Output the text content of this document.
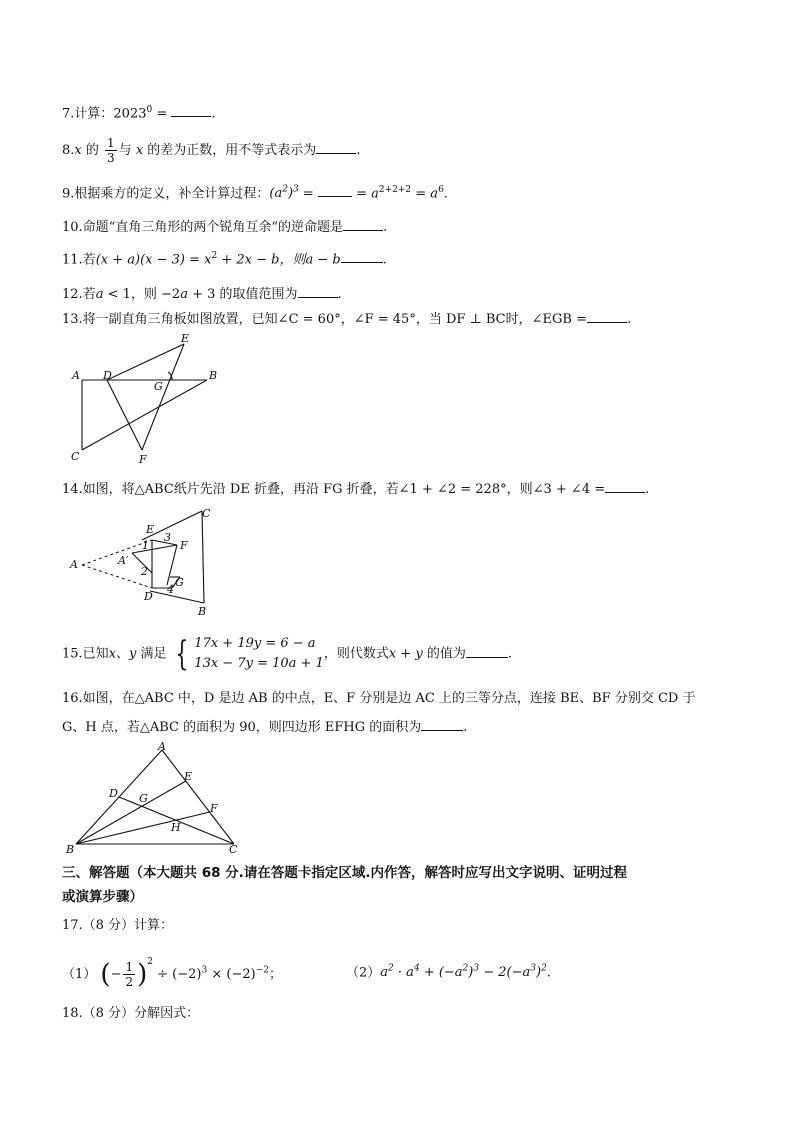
7.计算：$2023^0$ =	.
8.x 的 $\frac{1}{3}$ 与 x 的差为正数，用不等式表示为	.
9.根据乘方的定义，补全计算过程：$(a^2)^3$ =	= $a^{2+2+2} = a^6$.
10.命题“直角三角形的两个锐角互余”的逆命题是	.
11.若$(x + a)(x - 3) = x^2 + 2x - b$，则a − b	.
12.若a < 1，则 −2a + 3 的取值范围为	.
13.将一副直角三角板如图放置，已知∠C = 60°，∠F = 45°，当 DF ⊥ BC时，∠EGB =	.
A D
G
B
E
C	F
14.如图，将△ABC纸片先沿 DE 折叠，再沿 FG 折叠，若∠1 + ∠2 = 228°，则∠3 + ∠4 =	.
C
E
3
F
1
A	A′
2
G
4
D
B
15.已知x、y 满足 { 17x + 19y = 6 − a
13x − 7y = 10a + 1
，则代数式x + y 的值为	.
16.如图，在△ABC 中，D 是边 AB 的中点，E、F 分别是边 AC 上的三等分点，连接 BE、BF 分别交 CD 于
G、H 点，若△ABC 的面积为 90，则四边形 EFHG 的面积为	.
A
E
D G
F
H
B	C
三、解答题（本大题共 68 分.请在答题卡指定区域.内作答，解答时应写出文字说明、证明过程
或演算步骤）
17.（8 分）计算：
（1） (− $\frac{1}{2} )^2 \div (-2)^3 \times (-2)^{-2}$；	$(2)a^2 \cdot a^4 + (-a^2)^3 - 2(-a^3)^2$.
18.（8 分）分解因式：
